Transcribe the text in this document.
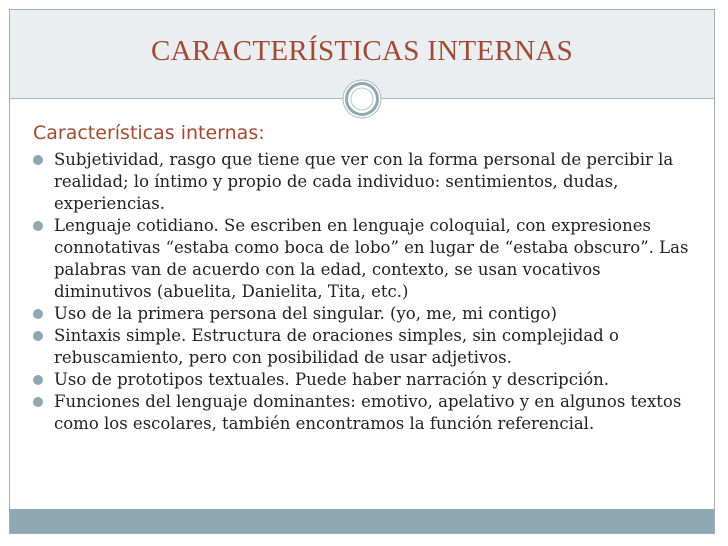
CARACTERÍSTICAS INTERNAS
Características internas:
Subjetividad, rasgo que tiene que ver con la forma personal de percibir la realidad; lo íntimo y propio de cada individuo: sentimientos, dudas, experiencias.
Lenguaje cotidiano. Se escriben en lenguaje coloquial, con expresiones connotativas “estaba como boca de lobo” en lugar de “estaba obscuro”. Las palabras van de acuerdo con la edad, contexto, se usan vocativos diminutivos (abuelita, Danielita, Tita, etc.)
Uso de la primera persona del singular. (yo, me, mi contigo)
Sintaxis simple. Estructura de oraciones simples, sin complejidad o rebuscamiento, pero con posibilidad de usar adjetivos.
Uso de prototipos textuales. Puede haber narración y descripción.
Funciones del lenguaje dominantes: emotivo, apelativo y en algunos textos como los escolares, también encontramos la función referencial.
